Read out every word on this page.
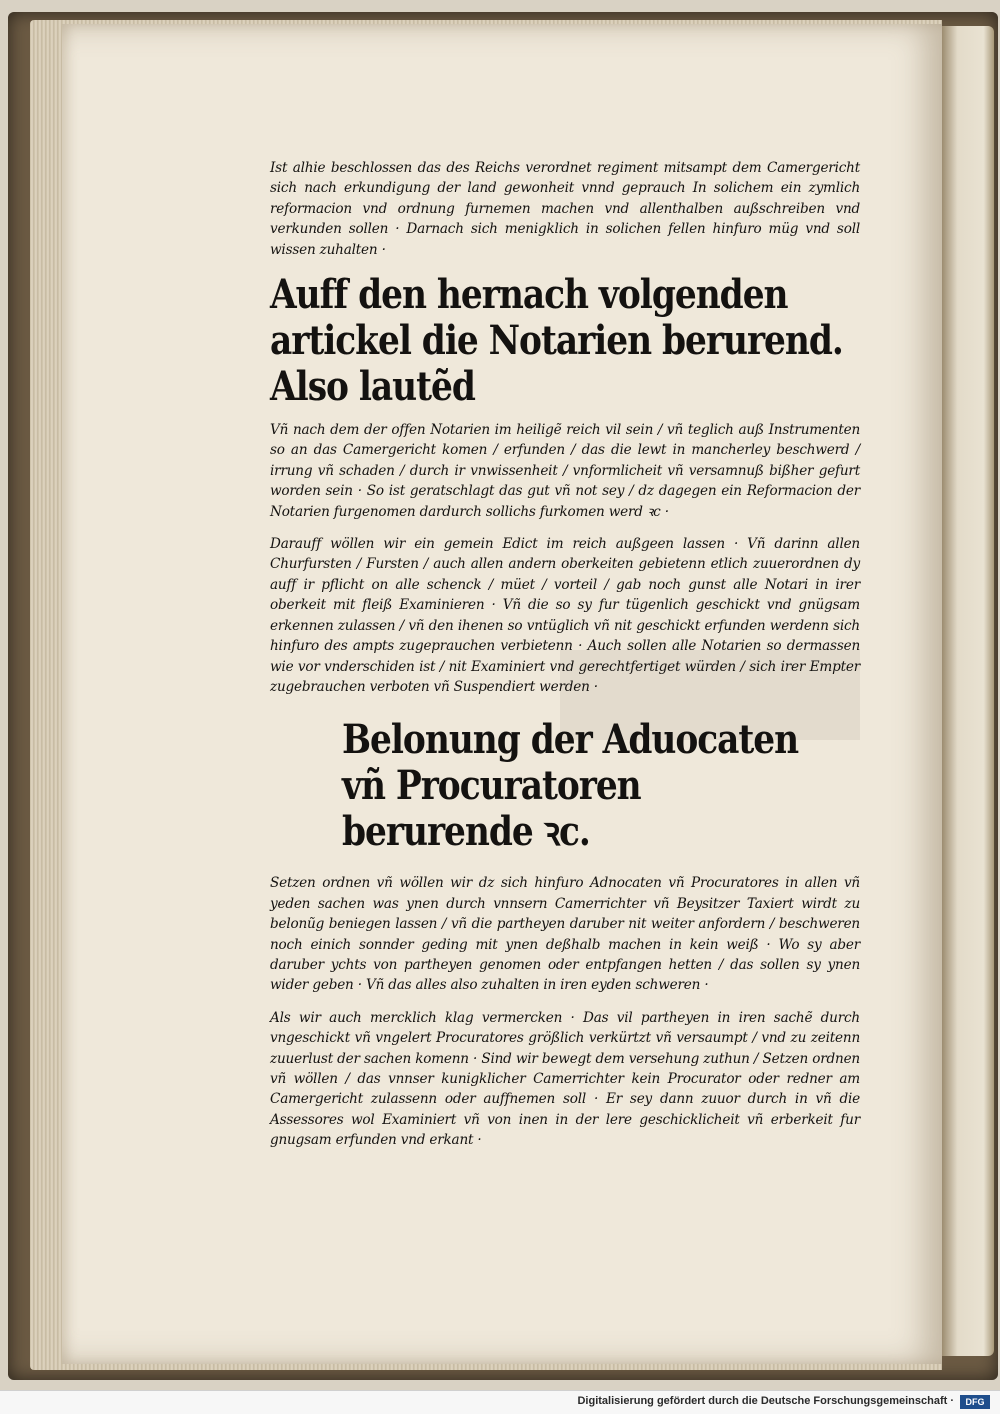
Ist alhie beschlossen das des Reichs verordnet regiment mitsampt dem Camergericht sich nach erkundigung der land gewonheit vnnd geprauch In solichem ein zymlich reformacion vnd ordnung furnemen machen vnd allenthalben außschreiben vnd verkunden sollen · Darnach sich menigklich in solichen fellen hinfuro müg vnd soll wissen zuhalten ·

Auff den hernach volgenden artickel die Notarien berurend. Also lautẽd

Vñ nach dem der offen Notarien im heiligẽ reich vil sein / vñ teglich auß Instrumenten so an das Camergericht komen / erfunden / das die lewt in mancherley beschwerd / irrung vñ schaden / durch ir vnwissenheit / vnformlicheit vñ versamnuß bißher gefurt worden sein · So ist geratschlagt das gut vñ not sey / dz dagegen ein Reformacion der Notarien furgenomen dardurch sollichs furkomen werd ꝛc ·

Darauff wöllen wir ein gemein Edict im reich außgeen lassen · Vñ darinn allen Churfursten / Fursten / auch allen andern oberkeiten gebietenn etlich zuuerordnen dy auff ir pflicht on alle schenck / müet / vorteil / gab noch gunst alle Notari in irer oberkeit mit fleiß Examinieren · Vñ die so sy fur tügenlich geschickt vnd gnügsam erkennen zulassen / vñ den ihenen so vntüglich vñ nit geschickt erfunden werdenn sich hinfuro des ampts zugeprauchen verbietenn · Auch sollen alle Notarien so dermassen wie vor vnderschiden ist / nit Examiniert vnd gerechtfertiget würden / sich irer Empter zugebrauchen verboten vñ Suspendiert werden ·

Belonung der Aduocaten vñ Procuratoren berurende ꝛc.

Setzen ordnen vñ wöllen wir dz sich hinfuro Adnocaten vñ Procuratores in allen vñ yeden sachen was ynen durch vnnsern Camerrichter vñ Beysitzer Taxiert wirdt zu belonũg beniegen lassen / vñ die partheyen daruber nit weiter anfordern / beschweren noch einich sonnder geding mit ynen deßhalb machen in kein weiß · Wo sy aber daruber ychts von partheyen genomen oder entpfangen hetten / das sollen sy ynen wider geben · Vñ das alles also zuhalten in iren eyden schweren ·

Als wir auch mercklich klag vermercken · Das vil partheyen in iren sachẽ durch vngeschickt vñ vngelert Procuratores größlich verkürtzt vñ versaumpt / vnd zu zeitenn zuuerlust der sachen komenn · Sind wir bewegt dem versehung zuthun / Setzen ordnen vñ wöllen / das vnnser kunigklicher Camerrichter kein Procurator oder redner am Camergericht zulassenn oder auffnemen soll · Er sey dann zuuor durch in vñ die Assessores wol Examiniert vñ von inen in der lere geschicklicheit vñ erberkeit fur gnugsam erfunden vnd erkant ·

Digitalisierung gefördert durch die Deutsche Forschungsgemeinschaft ·	DFG
